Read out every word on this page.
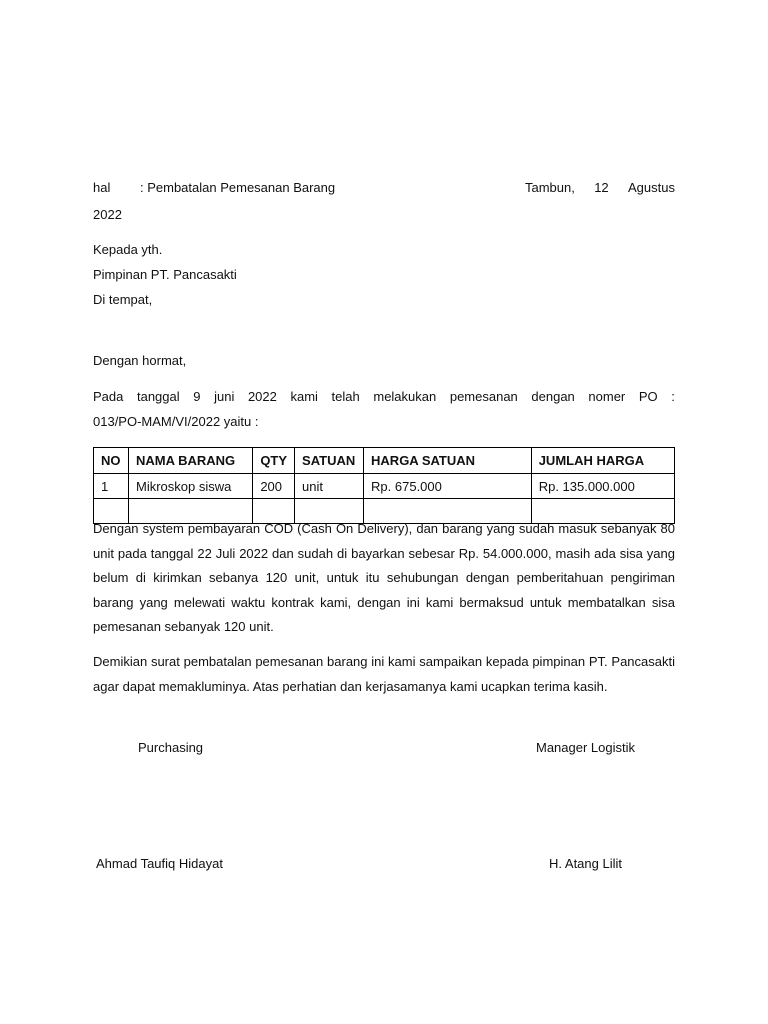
hal : Pembatalan Pemesanan Barang	Tambun, 12 Agustus
2022
Kepada yth.
Pimpinan PT. Pancasakti
Di tempat,
Dengan hormat,
Pada tanggal 9 juni 2022 kami telah melakukan pemesanan dengan nomer PO :
013/PO-MAM/VI/2022 yaitu :
NO	NAMA BARANG	QTY	SATUAN	HARGA SATUAN	JUMLAH HARGA
1	Mikroskop siswa	200	unit	Rp. 675.000	Rp. 135.000.000

Dengan system pembayaran COD (Cash On Delivery), dan barang yang sudah masuk sebanyak 80 unit pada tanggal 22 Juli 2022 dan sudah di bayarkan sebesar Rp. 54.000.000, masih ada sisa yang belum di kirimkan sebanya 120 unit, untuk itu sehubungan dengan pemberitahuan pengiriman barang yang melewati waktu kontrak kami, dengan ini kami bermaksud untuk membatalkan sisa pemesanan sebanyak 120 unit.

Demikian surat pembatalan pemesanan barang ini kami sampaikan kepada pimpinan PT. Pancasakti agar dapat memakluminya. Atas perhatian dan kerjasamanya kami ucapkan terima kasih.

Purchasing	Manager Logistik
Ahmad Taufiq Hidayat	H. Atang Lilit
